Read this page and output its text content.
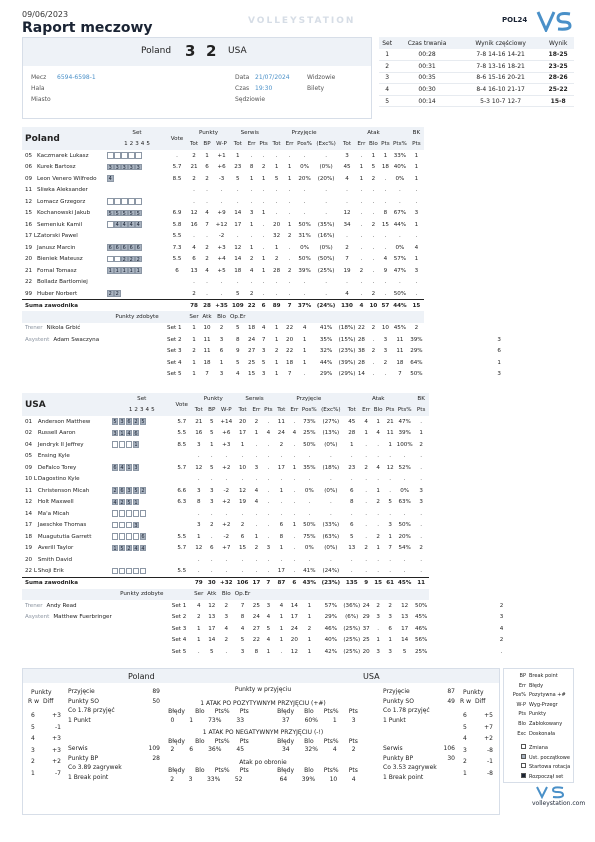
09/06/2023
Raport meczowy	VOLLEYSTATION	POL24
Poland 3 2 USA
Mecz 6594-6598-1
Hala
Miasto
Data 21/07/2024
Czas 19:30
Sędziowie
Widzowie
Bilety
Set	Czas trwania	Wynik częściowy	Wynik
1	00:28	7-8 14-16 14-21	18-25
2	00:31	7-8 13-16 18-21	23-25
3	00:35	8-6 15-16 20-21	28-26
4	00:30	8-4 16-10 21-17	25-22
5	00:14	5-3 10-7 12-7	15-8
Poland		Set	Vote	Punkty			Serwis			Przyjęcie				Atak					BK	
		1 2 3 4 5		Tot	BP	W-P	Tot	Err	Pts	Tot	Err	Pos%	(Exc%)	Tot	Err	Blo	Pts	Pts%	Pts	
05	Kaczmarek Lukasz		.	2	1	+1	1	.	.	.	.	.	.	3	.	1	1	33%	1	
06	Kurek Bartosz	3 3 3 3 3	5.7	21	6	+6	23	8	2	1	1	0%	(0%)	45	1	5	18	40%	1	
09	Leon Venero Wilfredo	4	8.5	2	2	-3	5	1	1	5	1	20%	(20%)	4	1	2	.	0%	1	
11	Sliwka Aleksander			.	.	.	.	.	.	.	.	.	.	.	.	.	.	.	.	
12	Lomacz Grzegorz			.	.	.	.	.	.	.	.	.	.	.	.	.	.	.	.	
15	Kochanowski Jakub	5 5 5 5 5	6.9	12	4	+9	14	3	1	.	.	.	.	12	.	.	8	67%	3	
16	Semeniuk Kamil	4 4 4 4	5.8	16	7	+12	17	1	.	20	1	50%	(35%)	34	.	2	15	44%	1	
17 L	Zatorski Pawel		5.5	.	.	-2	.	.	.	32	2	31%	(16%)	.	.	.	.	.	.	
19	Janusz Marcin	6 6 6 6 6	7.3	4	2	+3	12	1	.	1	.	0%	(0%)	2	.	.	.	0%	4	
20	Bieniek Mateusz	2 2 2	5.5	6	2	+4	14	2	1	2	.	50%	(50%)	7	.	.	4	57%	1	
21	Fornal Tomasz	1 1 1 1 1	6	13	4	+5	18	4	1	28	2	39%	(25%)	19	2	.	9	47%	3	
22	Bolladz Bartlomiej			.	.	.	.	.	.	.	.	.	.	.	.	.	.	.	.	
99	Huber Norbert	2 2		2	.	.	5	2	.	.	.	.	.	4	.	2	.	50%	.	
Suma zawodnika				78	28	+35	109	22	6	89	7	37%	(24%)	130	4	10	57	44%	15	
		Punkty zdobyte		Ser	Atk	Blo	Op.Er													
Trener Nikola Grbić			Set 1	1	10	2	5	18	4	1	22	4	41%	(18%)	22	2	10	45%	2	
Asystent Adam Swaczyna			Set 2	1	11	3	8	24	7	1	20	1	35%	(15%)	28	.	3	11	39%	3
			Set 3	2	11	6	9	27	3	2	22	1	32%	(23%)	38	2	3	11	29%	6
			Set 4	1	18	1	5	25	5	1	18	1	44%	(39%)	28	.	2	18	64%	1
			Set 5	1	7	3	4	15	3	1	7	.	29%	(29%)	14	.	.	7	50%	3
USA		Set	Vote	Punkty			Serwis			Przyjęcie				Atak					BK	
		1 2 3 4 5		Tot	BP	W-P	Tot	Err	Pts	Tot	Err	Pos%	(Exc%)	Tot	Err	Blo	Pts	Pts%	Pts	
01	Anderson Matthew	5 3 6 2 5	5.7	21	5	+14	20	2	.	11	.	73%	(27%)	45	4	1	21	47%	.	
02	Russell Aaron	3 1 4 6	5.5	16	5	+6	17	1	4	24	4	25%	(13%)	28	1	4	11	39%	1	
04	Jendryk II Jeffrey	1	8.5	3	1	+3	1	.	.	2	.	50%	(0%)	1	.	.	1	100%	2	
05	Ensing Kyle			.	.	.	.	.	.	.	.	.	.	.	.	.	.	.	.	
09	DeFalco Torey	6 4 1 3	5.7	12	5	+2	10	3	.	17	1	35%	(18%)	23	2	4	12	52%	.	
10 L	Dagostino Kyle			.	.	.	.	.	.	.	.	.	.	.	.	.	.	.	.	
11	Christenson Micah	2 6 3 5 2	6.6	3	3	-2	12	4	.	1	.	0%	(0%)	6	.	1	.	0%	3	
12	Holt Maxwell	4 2 5 1	6.3	8	3	+2	19	4	.	.	.	.	.	8	.	2	5	63%	3	
14	Ma'a Micah			.	.	.	.	.	.	.	.	.	.	.	.	.	.	.	.	
17	Jaeschke Thomas	3		3	2	+2	2	.	.	6	1	50%	(33%)	6	.	.	3	50%	.	
18	Muagututia Garrett	6	5.5	1	.	-2	6	1	.	8	.	75%	(63%)	5	.	2	1	20%	.	
19	Averill Taylor	1 5 2 4 4	5.7	12	6	+7	15	2	3	1	.	0%	(0%)	13	2	1	7	54%	2	
20	Smith David			.	.	.	.	.	.	.	.	.	.	.	.	.	.	.	.	
22 L	Shoji Erik		5.5	.	.	.	.	.	.	17	.	41%	(24%)	.	.	.	.	.	.	
Suma zawodnika				79	30	+32	106	17	7	87	6	43%	(23%)	135	9	15	61	45%	11	
		Punkty zdobyte		Ser	Atk	Blo	Op.Er													
Trener Andy Read			Set 1	4	12	2	7	25	3	4	14	1	57%	(36%)	24	2	2	12	50%	2
Asystent Matthew Fuerbringer			Set 2	2	13	3	8	24	4	1	17	1	29%	(6%)	29	3	3	13	45%	3
			Set 3	1	17	4	4	27	5	1	24	2	46%	(25%)	37	.	6	17	46%	4
			Set 4	1	14	2	5	22	4	1	20	1	40%	(25%)	25	1	1	14	56%	2
			Set 5	.	5	.	3	8	1	.	12	1	42%	(25%)	20	3	3	5	25%	.
Poland	USA
Punkty
R w Diff
6	+3
5	-1
4	+3
3	+3
2	+2
1	-7
Przyjęcie	89
Punkty SO	50
Co 1.78 przyjęć
1 Punkt
Serwis	109
Punkty BP	28
Co 3.89 zagrywek
1 Break point
Punkty w przyjęciu
1 ATAK PO POZYTYWNYM PRZYJĘCIU (+#)
Błędy Blo Pts% Pts	Błędy Blo Pts% Pts
0 1 73% 33	37 60% 1 3
1 ATAK PO NEGATYWNYM PRZYJĘCIU (-!)
Błędy Blo Pts% Pts	Błędy Blo Pts% Pts
2 6 36% 45	34 32% 4 2
Atak po obronie
Błędy Blo Pts% Pts	Błędy Blo Pts% Pts
2 3 33% 52	64 39% 10 4
Przyjęcie	87
Punkty SO	49
Co 1.78 przyjęć
1 Punkt
Serwis	106
Punkty BP	30
Co 3.53 zagrywek
1 Break point
Punkty
R w Diff
6	+5
5	+7
4	+2
3	-8
2	-1
1	-8
BP Break point
Err Błędy
Pos% Pozytywna +#
W-P Wyg-Przegr
Pts Punkty
Blo Zablokowany
Exc Doskonała
Zmiana
Ust. początkowe
Startowa rotacja
Rozpoczął set
volleystation.com
